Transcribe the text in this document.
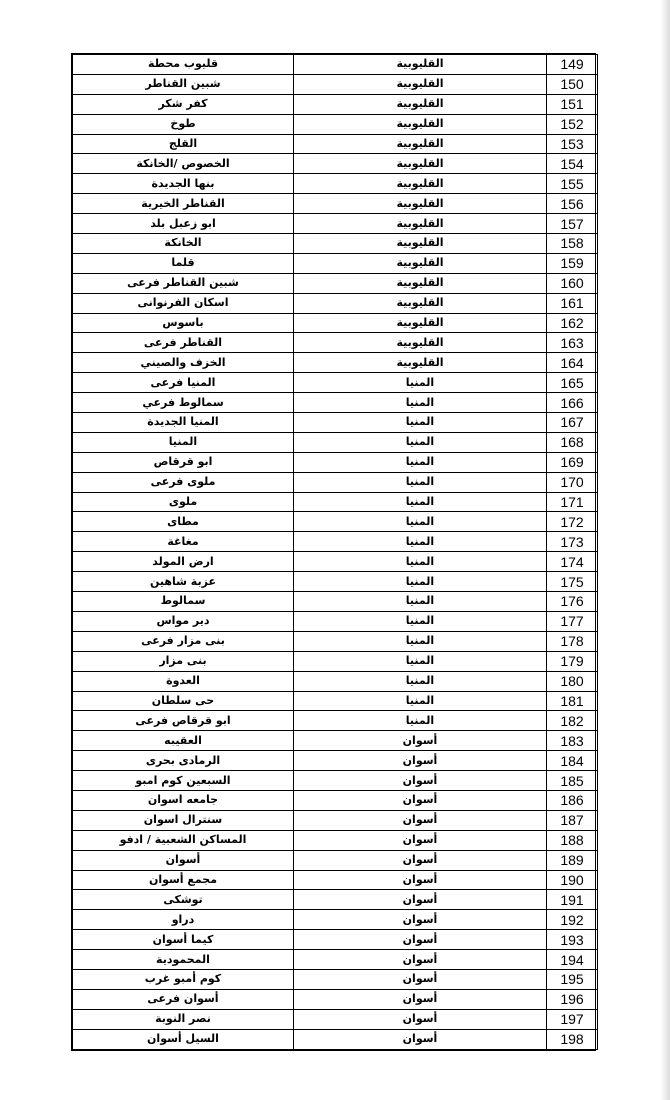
قليوب محطة	القليوبية	149
شبين القناطر	القليوبية	150
كفر شكر	القليوبية	151
طوخ	القليوبية	152
القلج	القليوبية	153
الخصوص /الخانكة	القليوبية	154
بنها الجديدة	القليوبية	155
القناطر الخيرية	القليوبية	156
ابو زعبل بلد	القليوبية	157
الخانكة	القليوبية	158
قلما	القليوبية	159
شبين القناطر فرعى	القليوبية	160
اسكان الفرنوانى	القليوبية	161
باسوس	القليوبية	162
القناطر فرعى	القليوبية	163
الخزف والصيني	القليوبية	164
المنيا فرعى	المنيا	165
سمالوط فرعي	المنيا	166
المنيا الجديدة	المنيا	167
المنيا	المنيا	168
ابو قرقاص	المنيا	169
ملوى فرعى	المنيا	170
ملوى	المنيا	171
مطاى	المنيا	172
مغاغة	المنيا	173
ارض المولد	المنيا	174
عزبة شاهين	المنيا	175
سمالوط	المنيا	176
دير مواس	المنيا	177
بنى مزار فرعى	المنيا	178
بنى مزار	المنيا	179
العدوة	المنيا	180
حى سلطان	المنيا	181
ابو قرقاص فرعى	المنيا	182
العقيبه	أسوان	183
الرمادى بحرى	أسوان	184
السبعين كوم امبو	أسوان	185
جامعه اسوان	أسوان	186
سنترال اسوان	أسوان	187
المساكن الشعبية / ادفو	أسوان	188
أسوان	أسوان	189
مجمع أسوان	أسوان	190
توشكى	أسوان	191
دراو	أسوان	192
كيما أسوان	أسوان	193
المحمودية	أسوان	194
كوم أمبو غرب	أسوان	195
أسوان فرعى	أسوان	196
نصر النوبة	أسوان	197
السيل أسوان	أسوان	198
